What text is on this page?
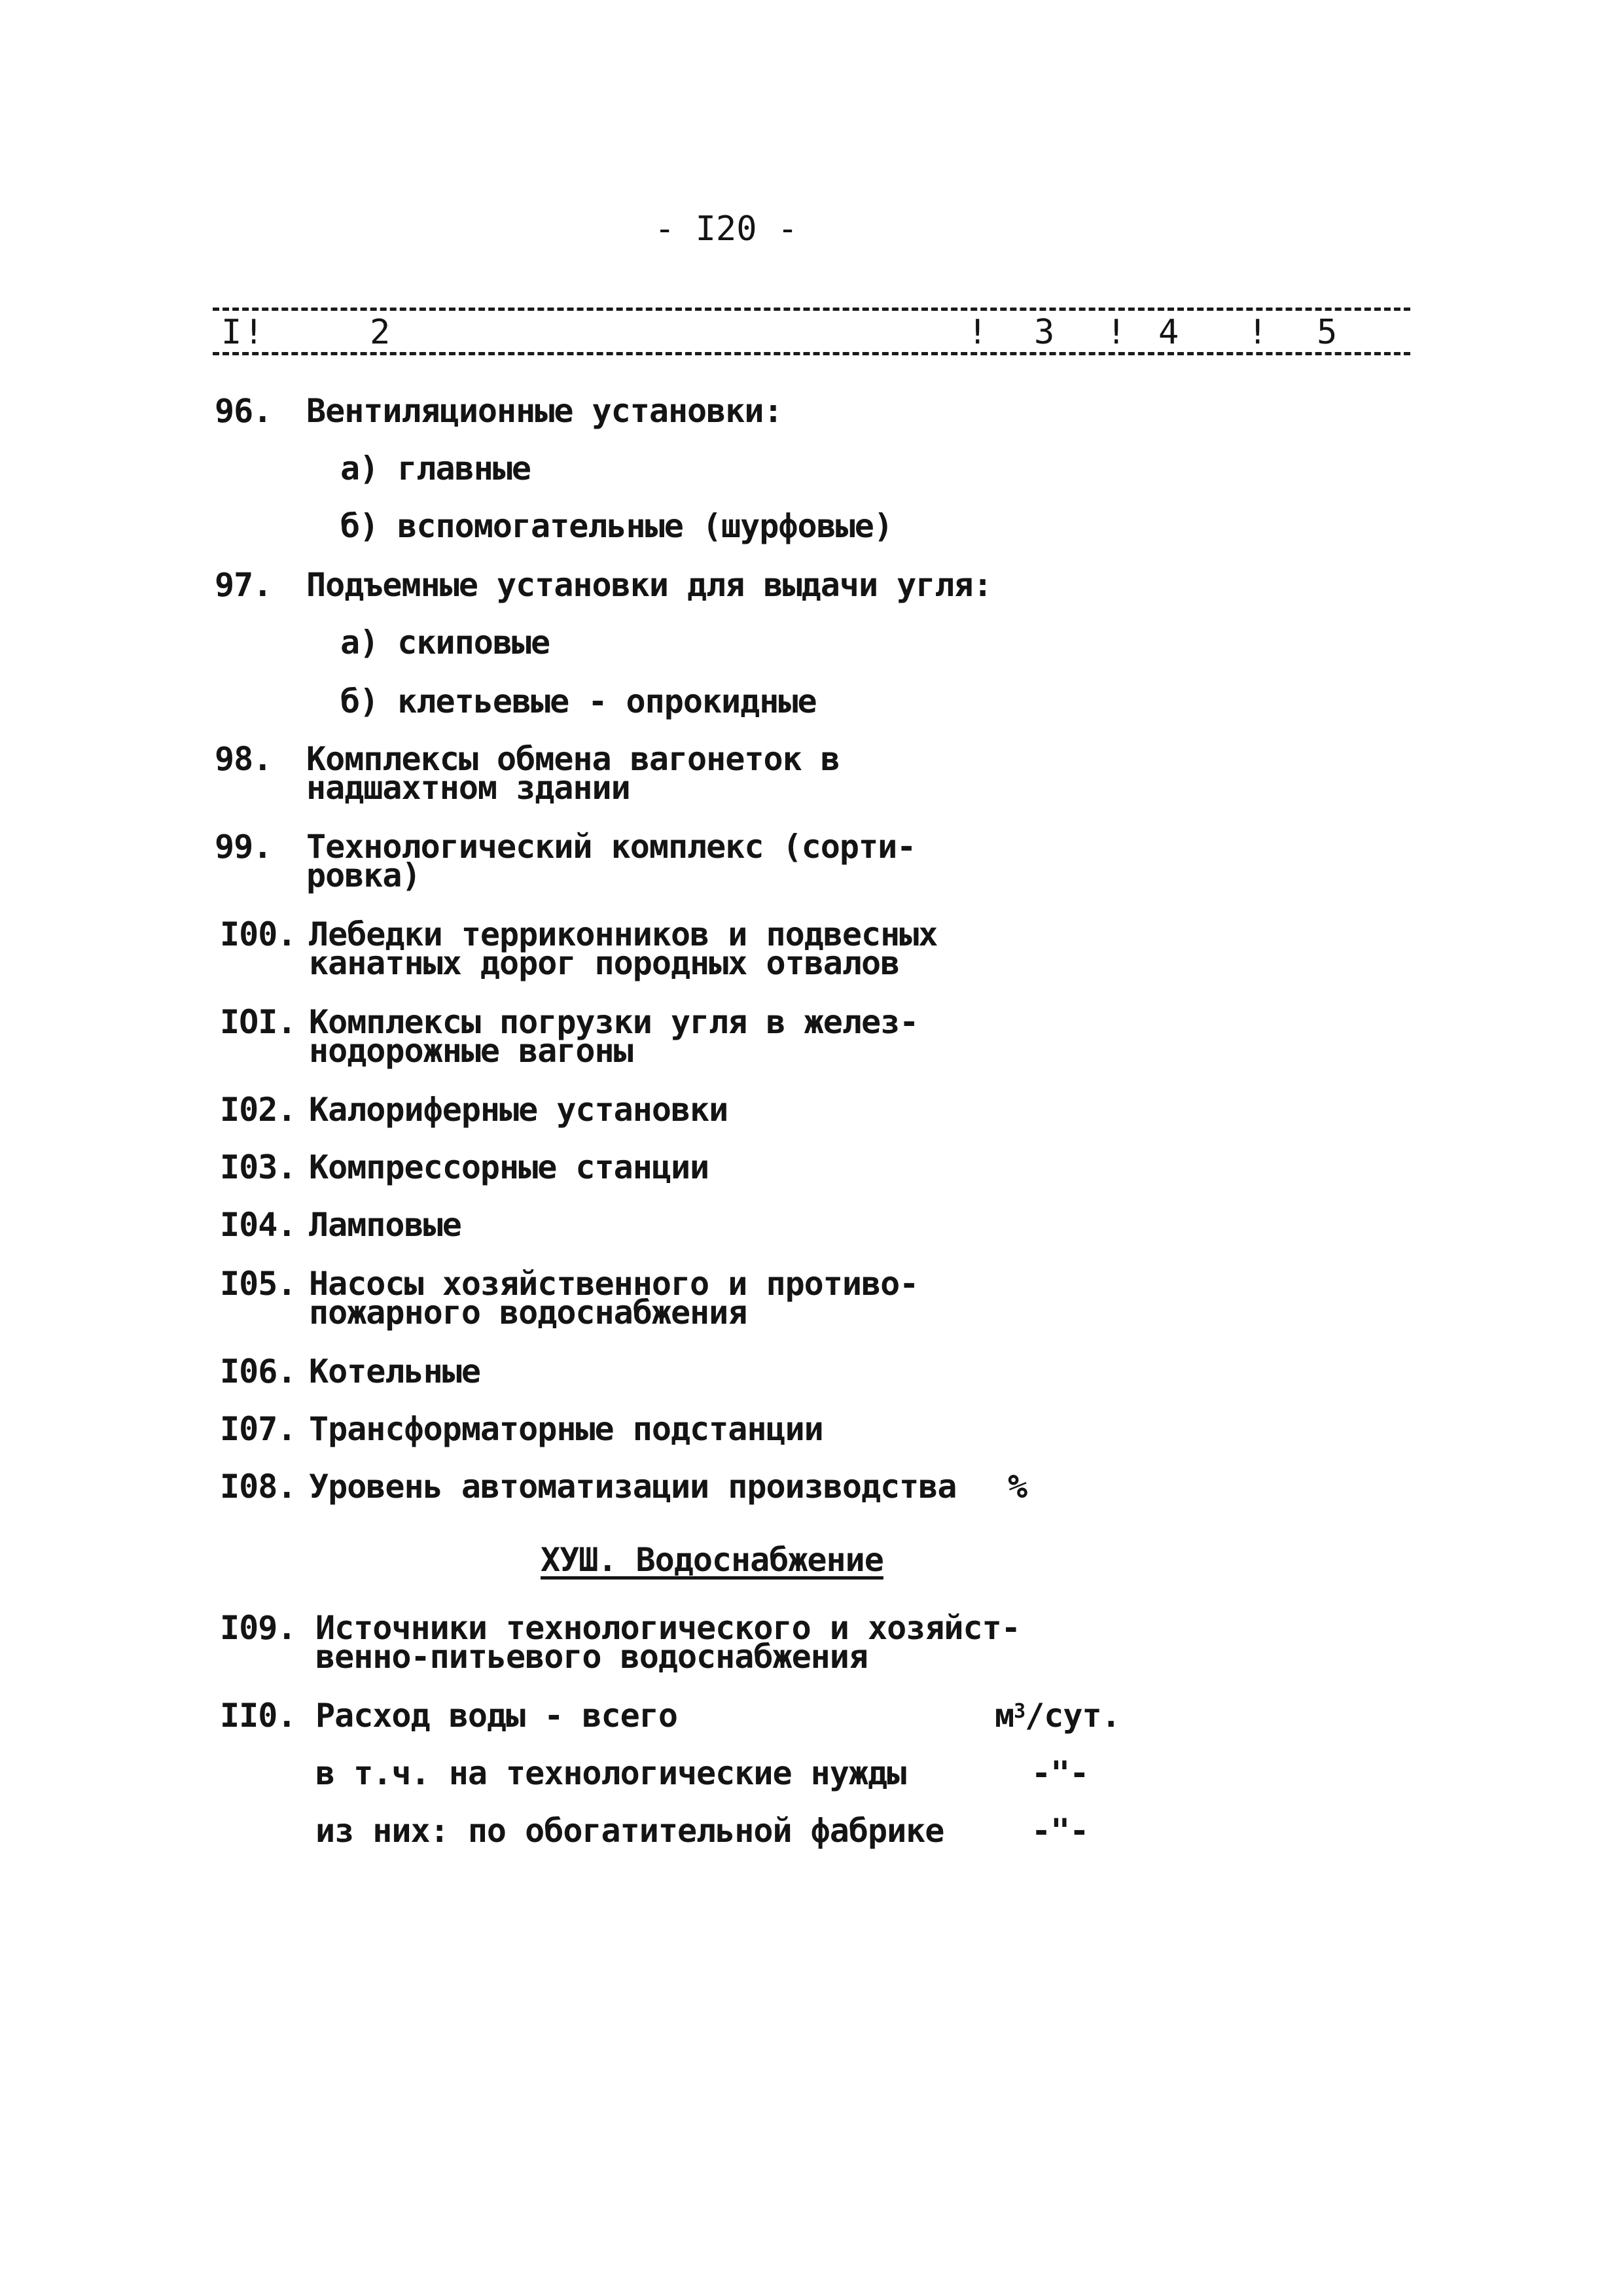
- I20 -
I !	2	! 3 ! 4 ! 5
96. Вентиляционные установки:
а) главные
б) вспомогательные (шурфовые)
97. Подъемные установки для выдачи угля:
а) скиповые
б) клетьевые - опрокидные
98. Комплексы обмена вагонеток в
надшахтном здании
99. Технологический комплекс (сорти-
ровка)
I00. Лебедки терриконников и подвесных
канатных дорог породных отвалов
IOI. Комплексы погрузки угля в желез-
нодорожные вагоны
I02. Калориферные установки
I03. Компрессорные станции
I04. Ламповые
I05. Насосы хозяйственного и противо-
пожарного водоснабжения
I06. Котельные
I07. Трансформаторные подстанции
I08. Уровень автоматизации производства %
ХУШ. Водоснабжение
I09. Источники технологического и хозяйст-
венно-питьевого водоснабжения
II0. Расход воды - всего	$м^3$/сут.
в т.ч. на технологические нужды	-"-
из них: по обогатительной фабрике	-"-
